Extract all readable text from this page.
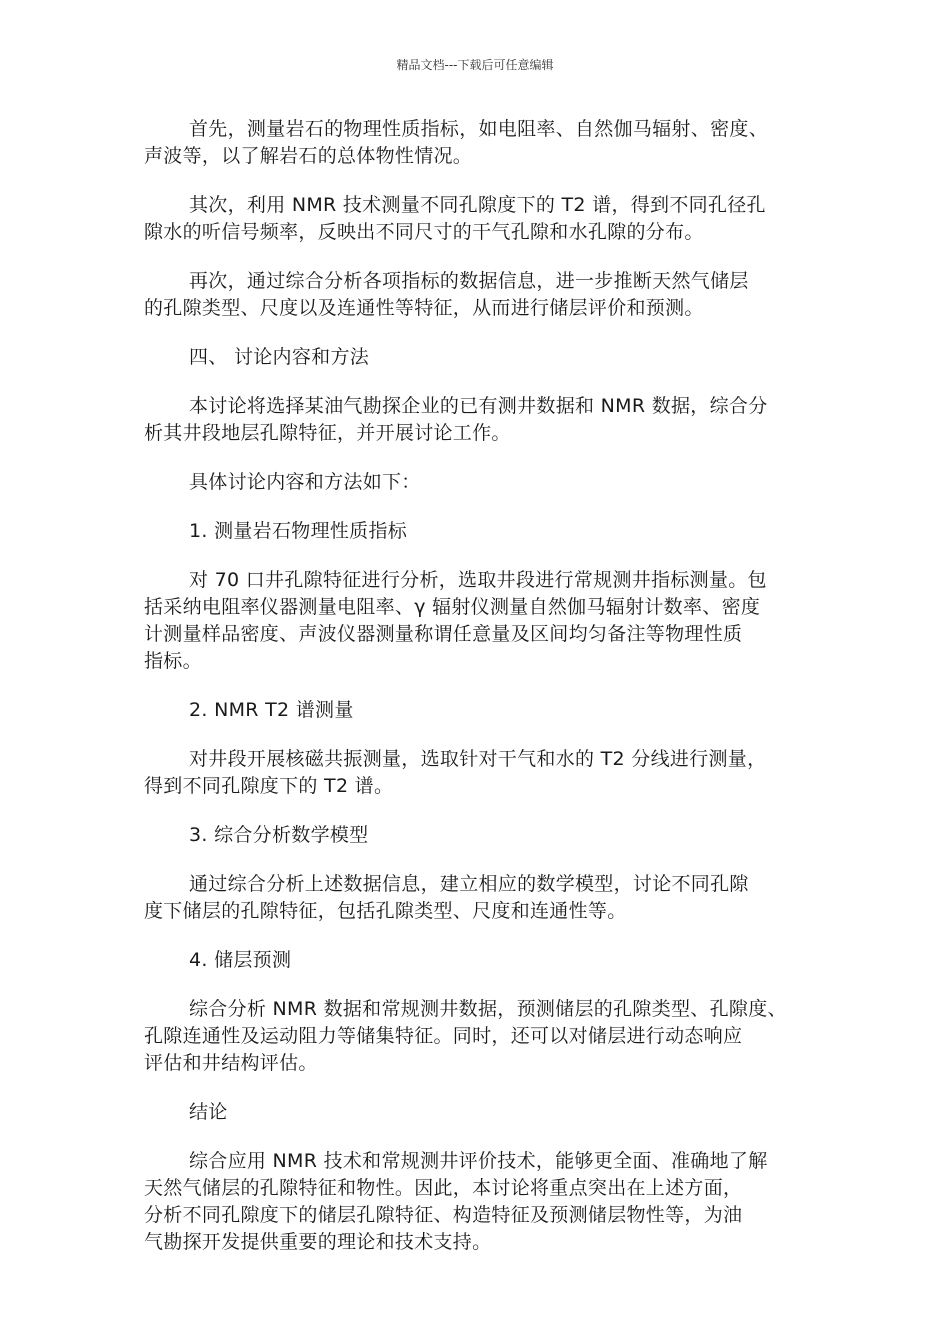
精品文档---下载后可任意编辑
首先，测量岩石的物理性质指标，如电阻率、自然伽马辐射、密度、
声波等，以了解岩石的总体物性情况。
其次，利用 NMR 技术测量不同孔隙度下的 T2 谱，得到不同孔径孔
隙水的听信号频率，反映出不同尺寸的干气孔隙和水孔隙的分布。
再次，通过综合分析各项指标的数据信息，进一步推断天然气储层
的孔隙类型、尺度以及连通性等特征，从而进行储层评价和预测。
四、 讨论内容和方法
本讨论将选择某油气勘探企业的已有测井数据和 NMR 数据，综合分
析其井段地层孔隙特征，并开展讨论工作。
具体讨论内容和方法如下：
1. 测量岩石物理性质指标
对 70 口井孔隙特征进行分析，选取井段进行常规测井指标测量。包
括采纳电阻率仪器测量电阻率、γ 辐射仪测量自然伽马辐射计数率、密度
计测量样品密度、声波仪器测量称谓任意量及区间均匀备注等物理性质
指标。
2. NMR T2 谱测量
对井段开展核磁共振测量，选取针对干气和水的 T2 分线进行测量，
得到不同孔隙度下的 T2 谱。
3. 综合分析数学模型
通过综合分析上述数据信息，建立相应的数学模型，讨论不同孔隙
度下储层的孔隙特征，包括孔隙类型、尺度和连通性等。
4. 储层预测
综合分析 NMR 数据和常规测井数据，预测储层的孔隙类型、孔隙度、
孔隙连通性及运动阻力等储集特征。同时，还可以对储层进行动态响应
评估和井结构评估。
结论
综合应用 NMR 技术和常规测井评价技术，能够更全面、准确地了解
天然气储层的孔隙特征和物性。因此，本讨论将重点突出在上述方面，
分析不同孔隙度下的储层孔隙特征、构造特征及预测储层物性等，为油
气勘探开发提供重要的理论和技术支持。
